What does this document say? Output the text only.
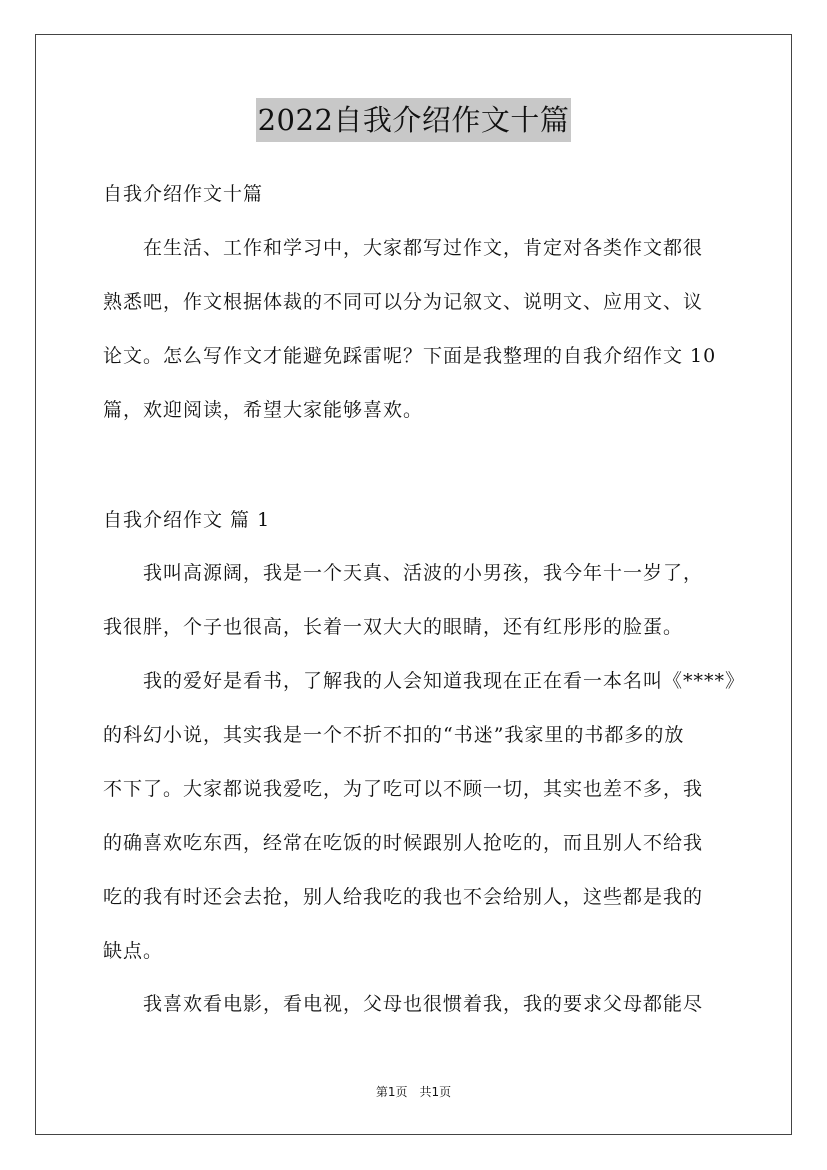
2022自我介绍作文十篇
自我介绍作文十篇
　　在生活、工作和学习中，大家都写过作文，肯定对各类作文都很
熟悉吧，作文根据体裁的不同可以分为记叙文、说明文、应用文、议
论文。怎么写作文才能避免踩雷呢？下面是我整理的自我介绍作文 10
篇，欢迎阅读，希望大家能够喜欢。
自我介绍作文 篇 1
　　我叫高源阔，我是一个天真、活波的小男孩，我今年十一岁了，
我很胖，个子也很高，长着一双大大的眼睛，还有红彤彤的脸蛋。
　　我的爱好是看书，了解我的人会知道我现在正在看一本名叫《****》
的科幻小说，其实我是一个不折不扣的“书迷”我家里的书都多的放
不下了。大家都说我爱吃，为了吃可以不顾一切，其实也差不多，我
的确喜欢吃东西，经常在吃饭的时候跟别人抢吃的，而且别人不给我
吃的我有时还会去抢，别人给我吃的我也不会给别人，这些都是我的
缺点。
　　我喜欢看电影，看电视，父母也很惯着我，我的要求父母都能尽
第1页　共1页
